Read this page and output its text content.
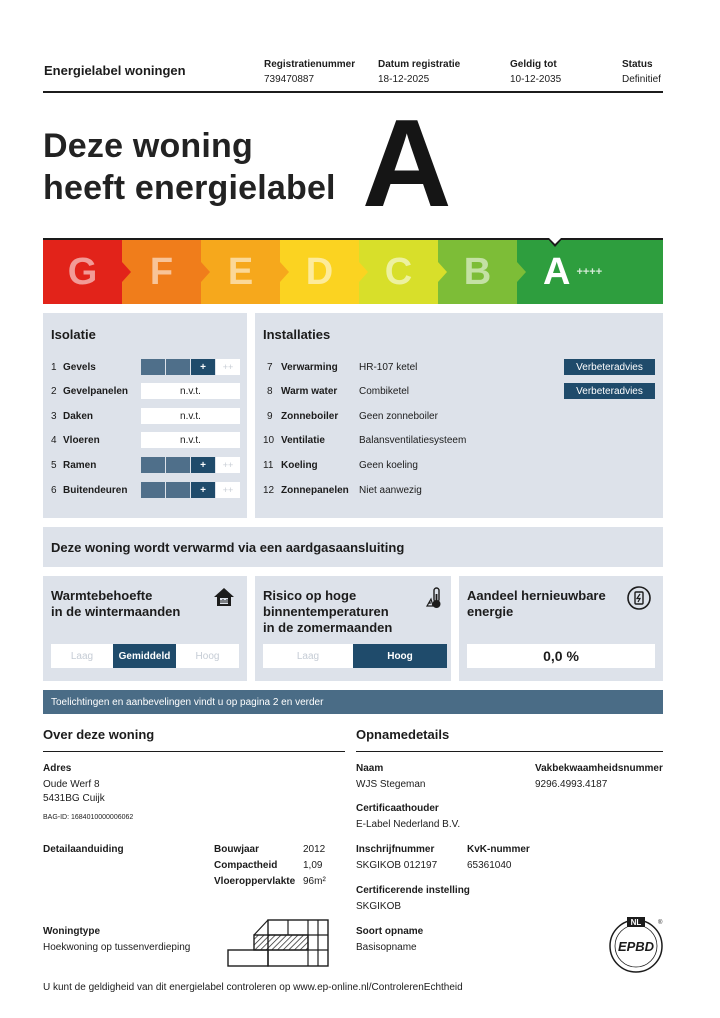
Energielabel woningen	Registratienummer
739470887
Datum registratie
18-12-2025
Geldig tot
10-12-2035
Status
Definitief
Deze woning
heeft energielabel A
G F E D C B A ++++
Isolatie
1 Gevels	+	++
2 Gevelpanelen	n.v.t.
3 Daken	n.v.t.
4 Vloeren	n.v.t.
5 Ramen	+	++
6 Buitendeuren	+	++
Installaties
7 Verwarming HR-107 ketel	Verbeteradvies
8 Warm water Combiketel	Verbeteradvies
9 Zonneboiler Geen zonneboiler
10 Ventilatie	Balansventilatiesysteem
11 Koeling	Geen koeling
12 Zonnepanelen Niet aanwezig
Deze woning wordt verwarmd via een aardgasaansluiting
Warmtebehoefte
in de wintermaanden
Laag	Gemiddeld	Hoog
Risico op hoge
binnentemperaturen
in de zomermaanden
Laag	Hoog
Aandeel hernieuwbare
energie
0,0 %
Toelichtingen en aanbevelingen vindt u op pagina 2 en verder
Over deze woning
Adres
Oude Werf 8
5431BG Cuijk
BAG-ID: 1684010000006062
Detailaanduiding	Bouwjaar	2012
Compactheid	1,09
Vloeroppervlakte 96m²
Woningtype
Hoekwoning op tussenverdieping
Opnamedetails
Naam
WJS Stegeman
Vakbekwaamheidsnummer
9296.4993.4187
Certificaathouder
E-Label Nederland B.V.
Inschrijfnummer
SKGIKOB 012197
KvK-nummer
65361040
Certificerende instelling
SKGIKOB
Soort opname
Basisopname
NL
EPBD
®
U kunt de geldigheid van dit energielabel controleren op www.ep-online.nl/ControlerenEchtheid
